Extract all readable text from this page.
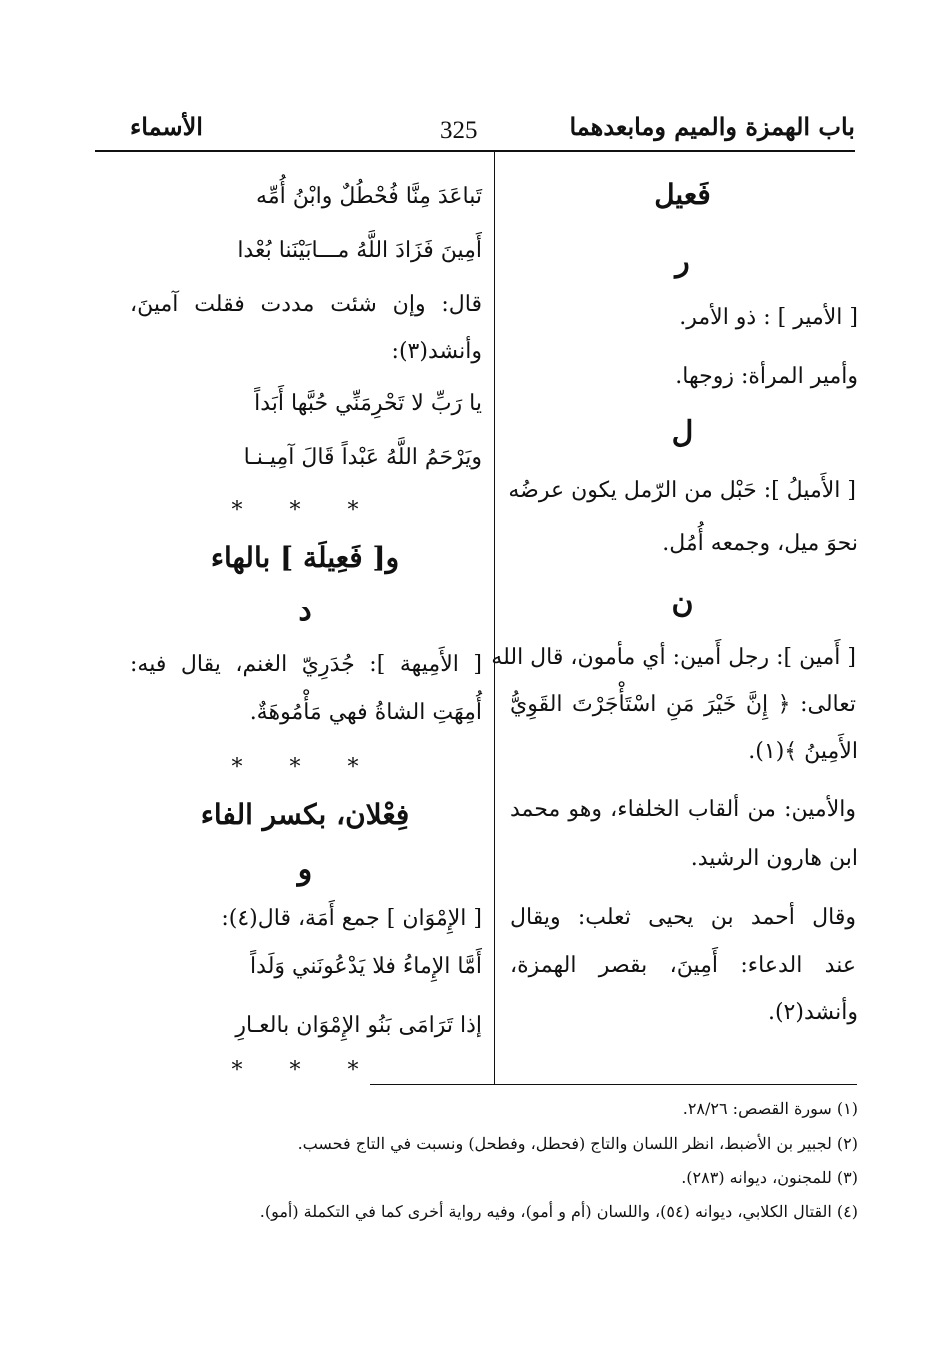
باب الهمزة والميم ومابعدهما
325
الأسماء
فَعيل
ر
[ الأمير ] : ذو الأمر.
وأمير المرأة: زوجها.
ل
[ الأَميلُ ]: حَبْل من الرّمل يكون عرضُه
نحوَ ميل، وجمعه أُمُل.
ن
[ أَمين ]: رجل أَمين: أي مأمون، قال الله
تعالى: ﴿ إِنَّ خَيْرَ مَنِ اسْتَأْجَرْتَ القَوِيُّ
الأَمِينُ ﴾(١).
والأمين: من ألقاب الخلفاء، وهو محمد
ابن هارون الرشيد.
وقال أحمد بن يحيى ثعلب: ويقال
عند الدعاء: أَمِينَ، بقصر الهمزة،
وأنشد(٢).
تَباعَدَ مِنَّا فُحْطُلٌ وابْنُ أُمِّه
أَمِينَ فَزَادَ اللَّهُ مـــابَيْنَنا بُعْدا
قال: وإن شئت مددت فقلت آمينَ،
وأنشد(٣):
يا رَبِّ لا تَحْرِمَنِّي حُبَّها أَبَداً
ويَرْحَمُ اللَّهُ عَبْداً قَالَ آمِيـنـا
* * *
و[ فَعِيلَة ] بالهاء
د
[ الأَمِيهة ]: جُدَرِيّ الغنم، يقال فيه:
أُمِهَتِ الشاةُ فهي مَأْمُوهَةٌ.
* * *
فِعْلان، بكسر الفاء
و
[ الإِمْوَان ] جمع أَمَة، قال(٤):
أَمَّا الإِماءُ فلا يَدْعُونَني وَلَداً
إذا تَرَامَى بَنُو الإِمْوَان بالعـارِ
* * *
(١) سورة القصص: ٢٨/٢٦.
(٢) لجبير بن الأضبط، انظر اللسان والتاج (فحطل، وفطحل) ونسبت في التاج فحسب.
(٣) للمجنون، ديوانه (٢٨٣).
(٤) القتال الكلابي، ديوانه (٥٤)، واللسان (أم و أمو)، وفيه رواية أخرى كما في التكملة (أمو).
